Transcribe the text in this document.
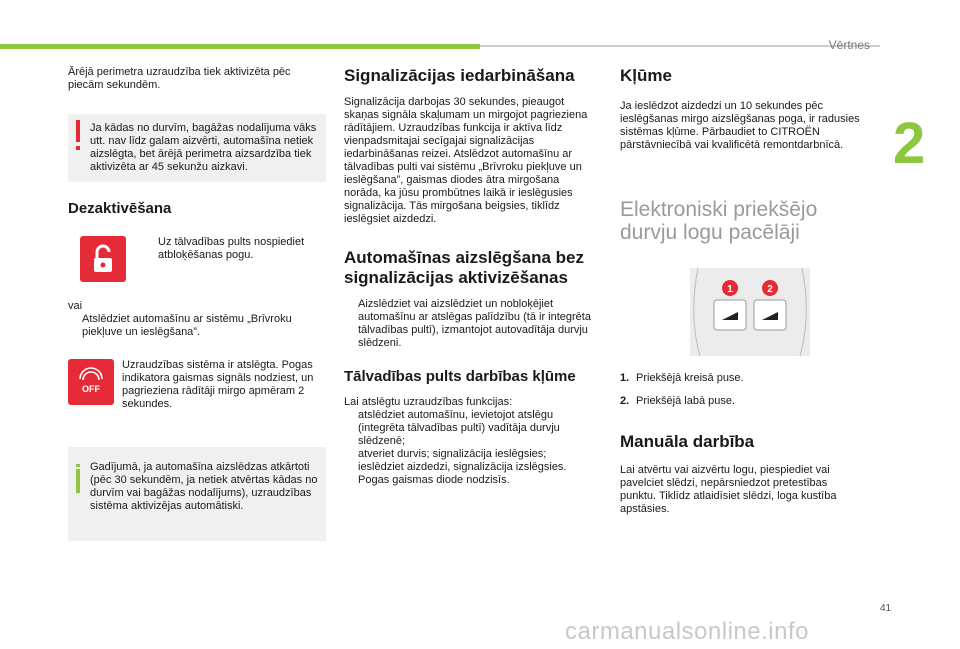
Vērtnes
2
41
carmanualsonline.info

Ārējā perimetra uzraudzība tiek aktivizēta pēc piecām sekundēm.

Ja kādas no durvīm, bagāžas nodalījuma vāks utt. nav līdz galam aizvērti, automašīna netiek aizslēgta, bet ārējā perimetra aizsardzība tiek aktivizēta ar 45 sekunžu aizkavi.

Dezaktivēšana

Uz tālvadības pults nospiediet atbloķēšanas pogu.

vai

Atslēdziet automašīnu ar sistēmu „Brīvroku piekļuve un ieslēgšana”.

OFF

Uzraudzības sistēma ir atslēgta. Pogas indikatora gaismas signāls nodziest, un pagrieziena rādītāji mirgo apmēram 2 sekundes.

Gadījumā, ja automašīna aizslēdzas atkārtoti (pēc 30 sekundēm, ja netiek atvērtas kādas no durvīm vai bagāžas nodalījums), uzraudzības sistēma aktivizējas automātiski.

Signalizācijas iedarbināšana

Signalizācija darbojas 30 sekundes, pieaugot skaņas signāla skaļumam un mirgojot pagrieziena rādītājiem. Uzraudzības funkcija ir aktīva līdz vienpadsmitajai secīgajai signalizācijas iedarbināšanas reizei. Atslēdzot automašīnu ar tālvadības pulti vai sistēmu „Brīvroku piekļuve un ieslēgšana”, gaismas diodes ātra mirgošana norāda, ka jūsu prombūtnes laikā ir ieslēgusies signalizācija. Tās mirgošana beigsies, tiklīdz ieslēgsiet aizdedzi.

Automašīnas aizslēgšana bez signalizācijas aktivizēšanas

Aizslēdziet vai aizslēdziet un nobloķējiet automašīnu ar atslēgas palīdzību (tā ir integrēta tālvadības pultī), izmantojot autovadītāja durvju slēdzeni.

Tālvadības pults darbības kļūme

Lai atslēgtu uzraudzības funkcijas:

atslēdziet automašīnu, ievietojot atslēgu (integrēta tālvadības pultī) vadītāja durvju slēdzenē;

atveriet durvis; signalizācija ieslēgsies;

ieslēdziet aizdedzi, signalizācija izslēgsies. Pogas gaismas diode nodzisīs.

Kļūme

Ja ieslēdzot aizdedzi un 10 sekundes pēc ieslēgšanas mirgo aizslēgšanas poga, ir radusies sistēmas kļūme. Pārbaudiet to CITROËN pārstāvniecībā vai kvalificētā remontdarbnīcā.

Elektroniski priekšējo durvju logu pacēlāji
1	2
1. Priekšējā kreisā puse.
2. Priekšējā labā puse.
Manuāla darbība

Lai atvērtu vai aizvērtu logu, piespiediet vai pavelciet slēdzi, nepārsniedzot pretestības punktu. Tiklīdz atlaidīsiet slēdzi, loga kustība apstāsies.
